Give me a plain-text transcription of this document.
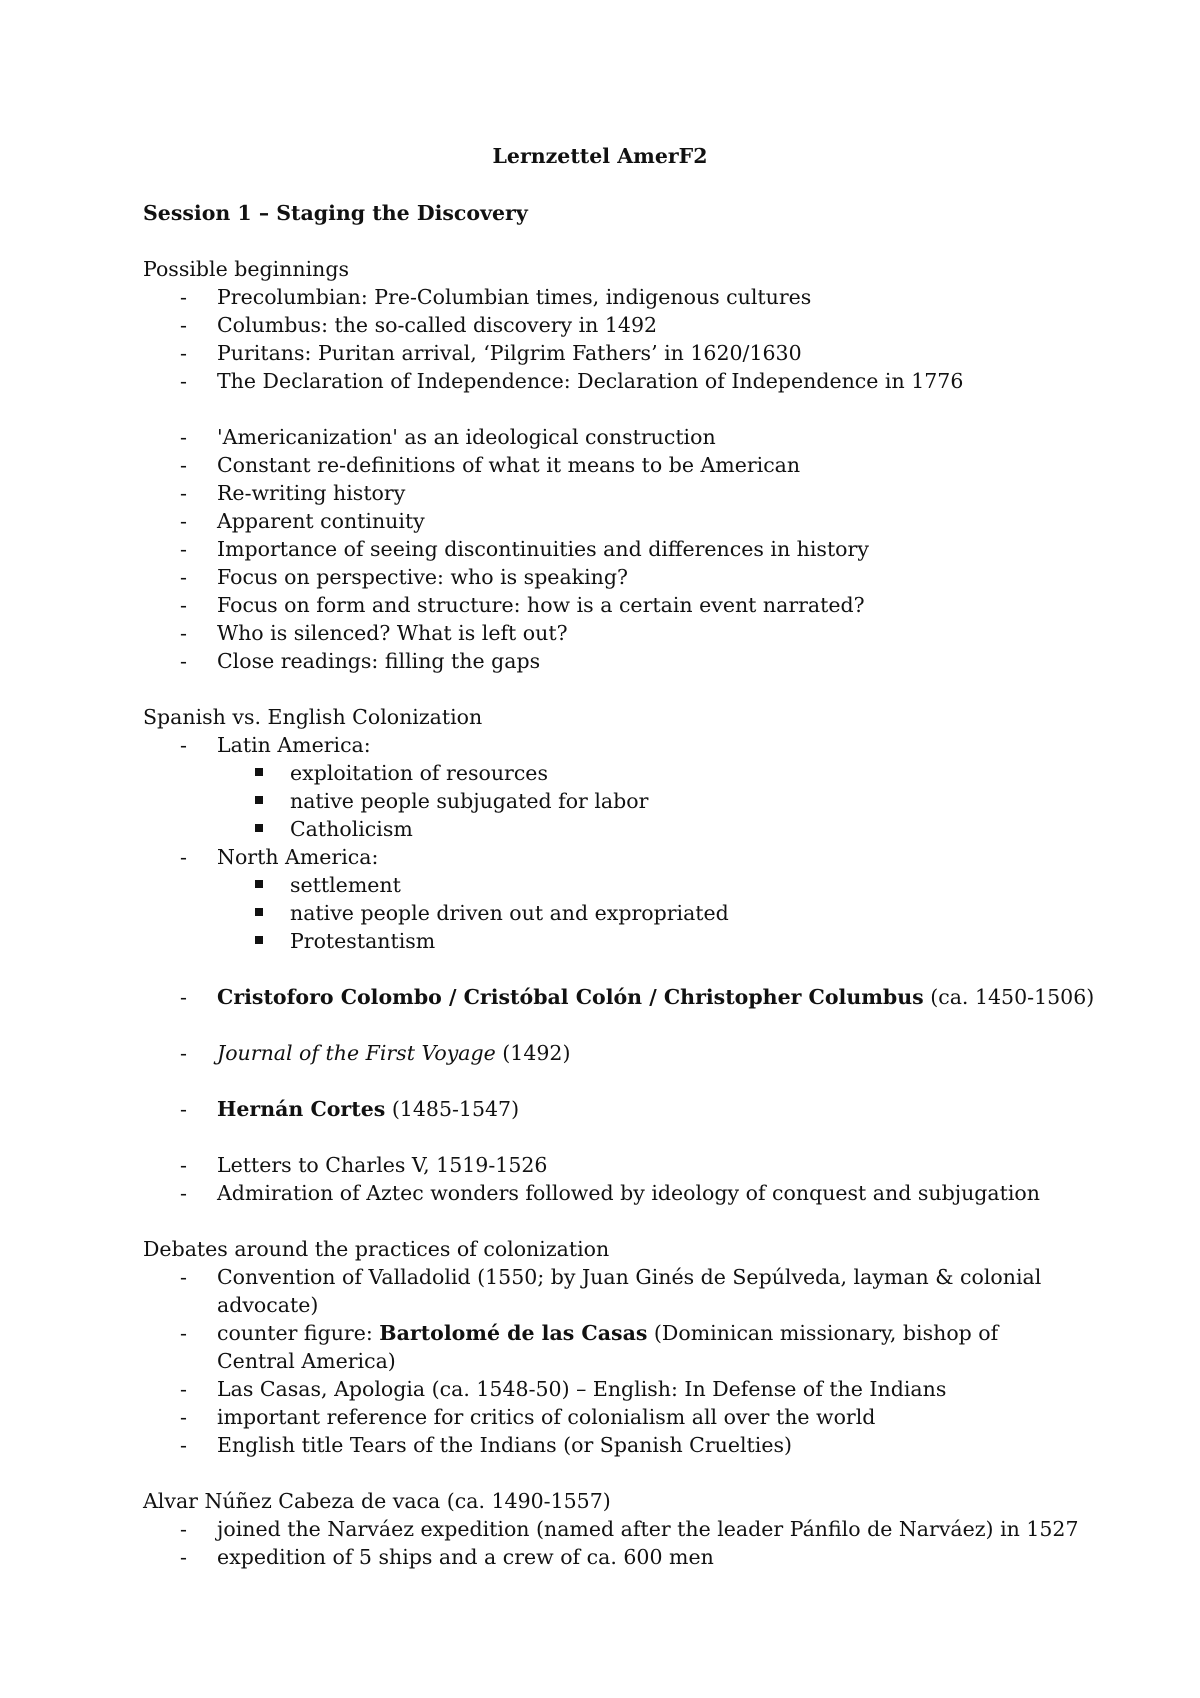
Lernzettel AmerF2
Session 1 – Staging the Discovery
Possible beginnings
- Precolumbian: Pre-Columbian times, indigenous cultures
- Columbus: the so-called discovery in 1492
- Puritans: Puritan arrival, ‘Pilgrim Fathers’ in 1620/1630
- The Declaration of Independence: Declaration of Independence in 1776
- 'Americanization' as an ideological construction
- Constant re-definitions of what it means to be American
- Re-writing history
- Apparent continuity
- Importance of seeing discontinuities and differences in history
- Focus on perspective: who is speaking?
- Focus on form and structure: how is a certain event narrated?
- Who is silenced? What is left out?
- Close readings: filling the gaps
Spanish vs. English Colonization
- Latin America:
exploitation of resources
native people subjugated for labor
Catholicism
- North America:
settlement
native people driven out and expropriated
Protestantism
- Cristoforo Colombo / Cristóbal Colón / Christopher Columbus (ca. 1450-1506)
- Journal of the First Voyage (1492)
- Hernán Cortes (1485-1547)
- Letters to Charles V, 1519-1526
- Admiration of Aztec wonders followed by ideology of conquest and subjugation
Debates around the practices of colonization
- Convention of Valladolid (1550; by Juan Ginés de Sepúlveda, layman & colonial advocate)
- counter figure: Bartolomé de las Casas (Dominican missionary, bishop of Central America)
- Las Casas, Apologia (ca. 1548-50) – English: In Defense of the Indians
- important reference for critics of colonialism all over the world
- English title Tears of the Indians (or Spanish Cruelties)
Alvar Núñez Cabeza de vaca (ca. 1490-1557)
- joined the Narváez expedition (named after the leader Pánfilo de Narváez) in 1527
- expedition of 5 ships and a crew of ca. 600 men
